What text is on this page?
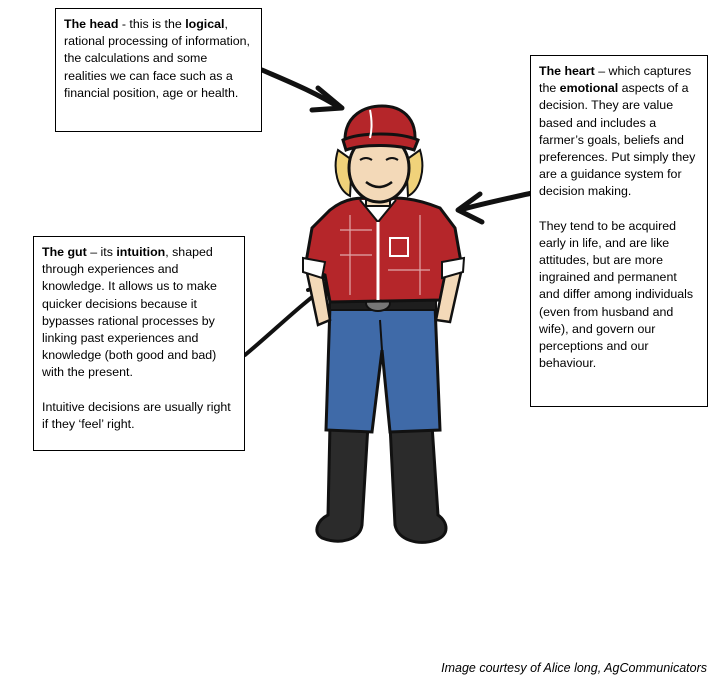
The head - this is the logical, rational processing of information, the calculations and some realities we can face such as a financial position, age or health.

The heart – which captures the emotional aspects of a decision. They are value based and includes a farmer’s goals, beliefs and preferences. Put simply they are a guidance system for decision making.

They tend to be acquired early in life, and are like attitudes, but are more ingrained and permanent and differ among individuals (even from husband and wife), and govern our perceptions and our behaviour.

The gut – its intuition, shaped through experiences and knowledge. It allows us to make quicker decisions because it bypasses rational processes by linking past experiences and knowledge (both good and bad) with the present.

Intuitive decisions are usually right if they ‘feel’ right.

Image courtesy of Alice long, AgCommunicators
